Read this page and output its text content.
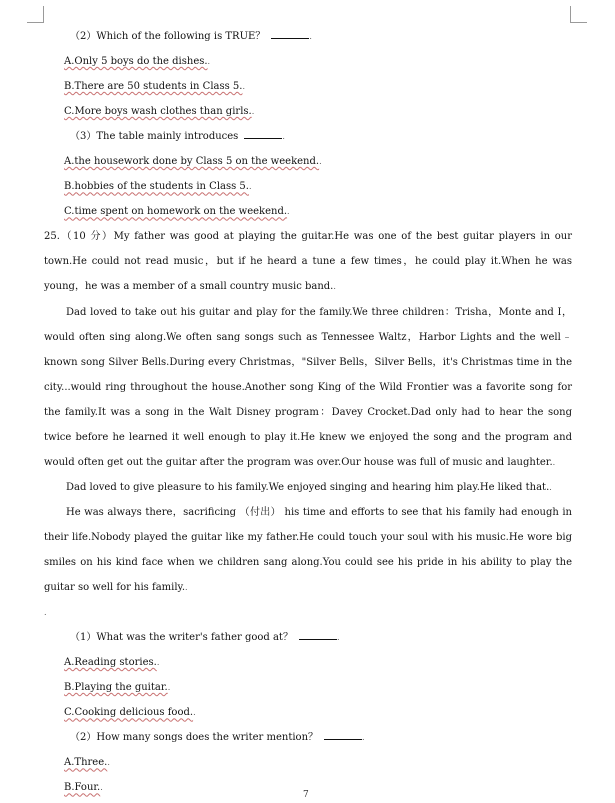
（2）Which of the following is TRUE？	.

A.Only 5 boys do the dishes..

B.There are 50 students in Class 5..

C.More boys wash clothes than girls..

（3）The table mainly introduces	.

A.the housework done by Class 5 on the weekend..

B.hobbies of the students in Class 5..

C.time spent on homework on the weekend..

25.（10 分）My father was good at playing the guitar.He was one of the best guitar players in our town.He could not read music，but if he heard a tune a few times，he could play it.When he was young，he was a member of a small country music band..

Dad loved to take out his guitar and play for the family.We three children：Trisha，Monte and I，would often sing along.We often sang songs such as Tennessee Waltz，Harbor Lights and the well﹣known song Silver Bells.During every Christmas，"Silver Bells，Silver Bells，it's Christmas time in the city...would ring throughout the house.Another song King of the Wild Frontier was a favorite song for the family.It was a song in the Walt Disney program：Davey Crocket.Dad only had to hear the song twice before he learned it well enough to play it.He knew we enjoyed the song and the program and would often get out the guitar after the program was over.Our house was full of music and laughter..

Dad loved to give pleasure to his family.We enjoyed singing and hearing him play.He liked that..

He was always there，sacrificing （付出） his time and efforts to see that his family had enough in their life.Nobody played the guitar like my father.He could touch your soul with his music.He wore big smiles on his kind face when we children sang along.You could see his pride in his ability to play the guitar so well for his family..

.

（1）What was the writer's father good at？	.

A.Reading stories..

B.Playing the guitar..

C.Cooking delicious food..

（2）How many songs does the writer mention？	.

A.Three..

B.Four..

7
